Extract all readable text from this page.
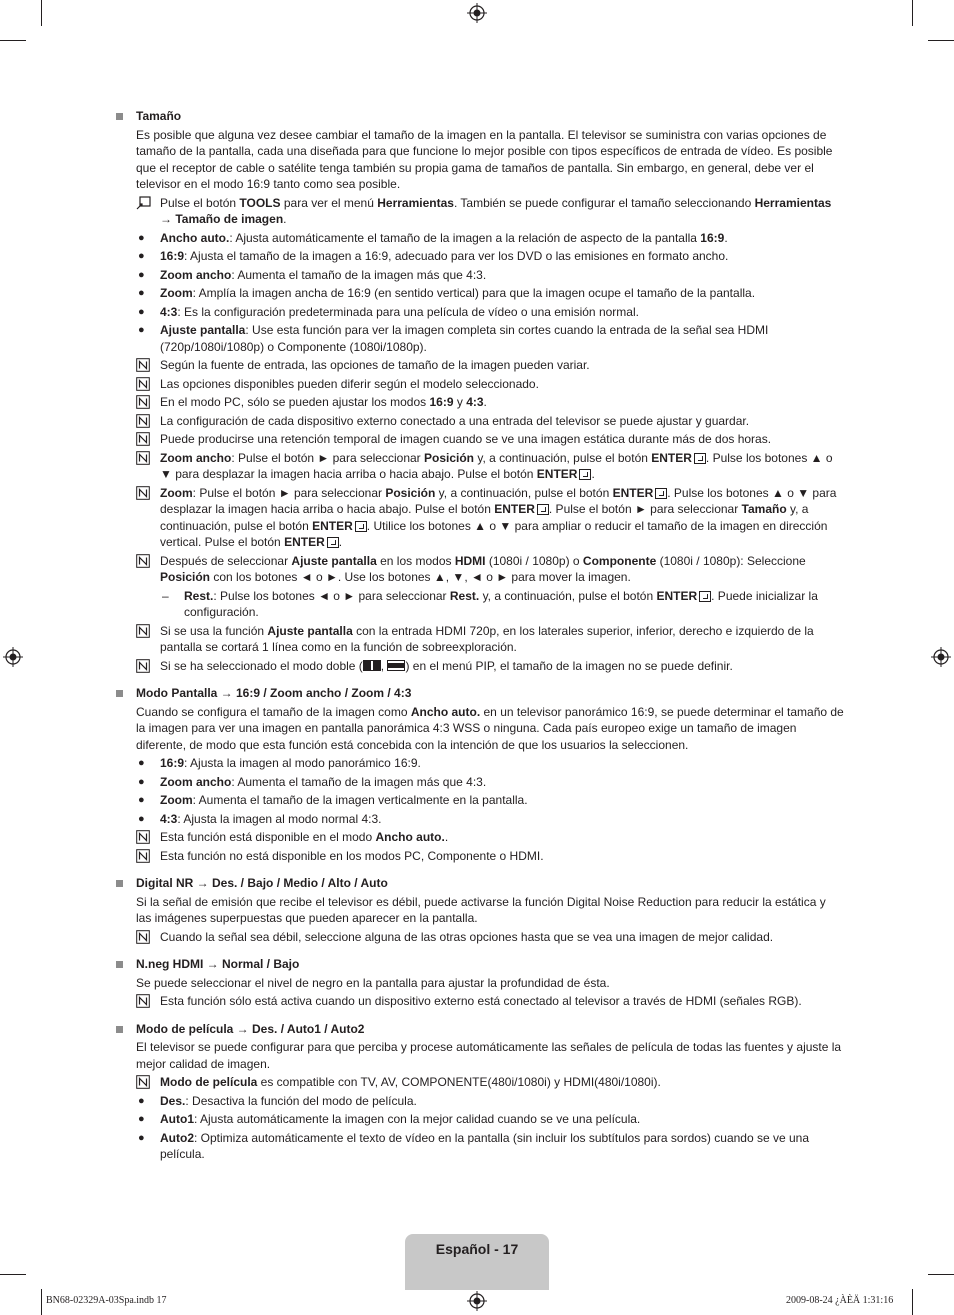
Tamaño
Es posible que alguna vez desee cambiar el tamaño de la imagen en la pantalla. El televisor se suministra con varias opciones de tamaño de la pantalla, cada una diseñada para que funcione lo mejor posible con tipos específicos de entrada de vídeo. Es posible que el receptor de cable o satélite tenga también su propia gama de tamaños de pantalla. Sin embargo, en general, debe ver el televisor en el modo 16:9 tanto como sea posible.
Pulse el botón TOOLS para ver el menú Herramientas. También se puede configurar el tamaño seleccionando Herramientas
→ Tamaño de imagen.
● Ancho auto.: Ajusta automáticamente el tamaño de la imagen a la relación de aspecto de la pantalla 16:9.
● 16:9: Ajusta el tamaño de la imagen a 16:9, adecuado para ver los DVD o las emisiones en formato ancho.
● Zoom ancho: Aumenta el tamaño de la imagen más que 4:3.
● Zoom: Amplía la imagen ancha de 16:9 (en sentido vertical) para que la imagen ocupe el tamaño de la pantalla.
● 4:3: Es la configuración predeterminada para una película de vídeo o una emisión normal.
● Ajuste pantalla: Use esta función para ver la imagen completa sin cortes cuando la entrada de la señal sea HDMI (720p/1080i/1080p) o Componente (1080i/1080p).
Según la fuente de entrada, las opciones de tamaño de la imagen pueden variar.
Las opciones disponibles pueden diferir según el modelo seleccionado.
En el modo PC, sólo se pueden ajustar los modos 16:9 y 4:3.
La configuración de cada dispositivo externo conectado a una entrada del televisor se puede ajustar y guardar.
Puede producirse una retención temporal de imagen cuando se ve una imagen estática durante más de dos horas.
Zoom ancho: Pulse el botón ► para seleccionar Posición y, a continuación, pulse el botón ENTER . Pulse los botones ▲ o ▼ para desplazar la imagen hacia arriba o hacia abajo. Pulse el botón ENTER .
Zoom: Pulse el botón ► para seleccionar Posición y, a continuación, pulse el botón ENTER . Pulse los botones ▲ o ▼ para desplazar la imagen hacia arriba o hacia abajo. Pulse el botón ENTER . Pulse el botón ► para seleccionar Tamaño y, a continuación, pulse el botón ENTER . Utilice los botones ▲ o ▼ para ampliar o reducir el tamaño de la imagen en dirección vertical. Pulse el botón ENTER .
Después de seleccionar Ajuste pantalla en los modos HDMI (1080i / 1080p) o Componente (1080i / 1080p): Seleccione Posición con los botones ◄ o ►. Use los botones ▲, ▼, ◄ o ► para mover la imagen.
– Rest.: Pulse los botones ◄ o ► para seleccionar Rest. y, a continuación, pulse el botón ENTER . Puede inicializar la configuración.
Si se usa la función Ajuste pantalla con la entrada HDMI 720p, en los laterales superior, inferior, derecho e izquierdo de la pantalla se cortará 1 línea como en la función de sobreexploración.
Si se ha seleccionado el modo doble ( , ) en el menú PIP, el tamaño de la imagen no se puede definir.
Modo Pantalla → 16:9 / Zoom ancho / Zoom / 4:3
Cuando se configura el tamaño de la imagen como Ancho auto. en un televisor panorámico 16:9, se puede determinar el tamaño de la imagen para ver una imagen en pantalla panorámica 4:3 WSS o ninguna. Cada país europeo exige un tamaño de imagen diferente, de modo que esta función está concebida con la intención de que los usuarios la seleccionen.
● 16:9: Ajusta la imagen al modo panorámico 16:9.
● Zoom ancho: Aumenta el tamaño de la imagen más que 4:3.
● Zoom: Aumenta el tamaño de la imagen verticalmente en la pantalla.
● 4:3: Ajusta la imagen al modo normal 4:3.
Esta función está disponible en el modo Ancho auto..
Esta función no está disponible en los modos PC, Componente o HDMI.
Digital NR → Des. / Bajo / Medio / Alto / Auto
Si la señal de emisión que recibe el televisor es débil, puede activarse la función Digital Noise Reduction para reducir la estática y las imágenes superpuestas que pueden aparecer en la pantalla.
Cuando la señal sea débil, seleccione alguna de las otras opciones hasta que se vea una imagen de mejor calidad.
N.neg HDMI → Normal / Bajo
Se puede seleccionar el nivel de negro en la pantalla para ajustar la profundidad de ésta.
Esta función sólo está activa cuando un dispositivo externo está conectado al televisor a través de HDMI (señales RGB).
Modo de película → Des. / Auto1 / Auto2
El televisor se puede configurar para que perciba y procese automáticamente las señales de película de todas las fuentes y ajuste la mejor calidad de imagen.
Modo de película es compatible con TV, AV, COMPONENTE(480i/1080i) y HDMI(480i/1080i).
● Des.: Desactiva la función del modo de película.
● Auto1: Ajusta automáticamente la imagen con la mejor calidad cuando se ve una película.
● Auto2: Optimiza automáticamente el texto de vídeo en la pantalla (sin incluir los subtítulos para sordos) cuando se ve una película.
Español - 17
BN68-02329A-03Spa.indb 17	2009-08-24 ¿ÀÈÄ 1:31:16
